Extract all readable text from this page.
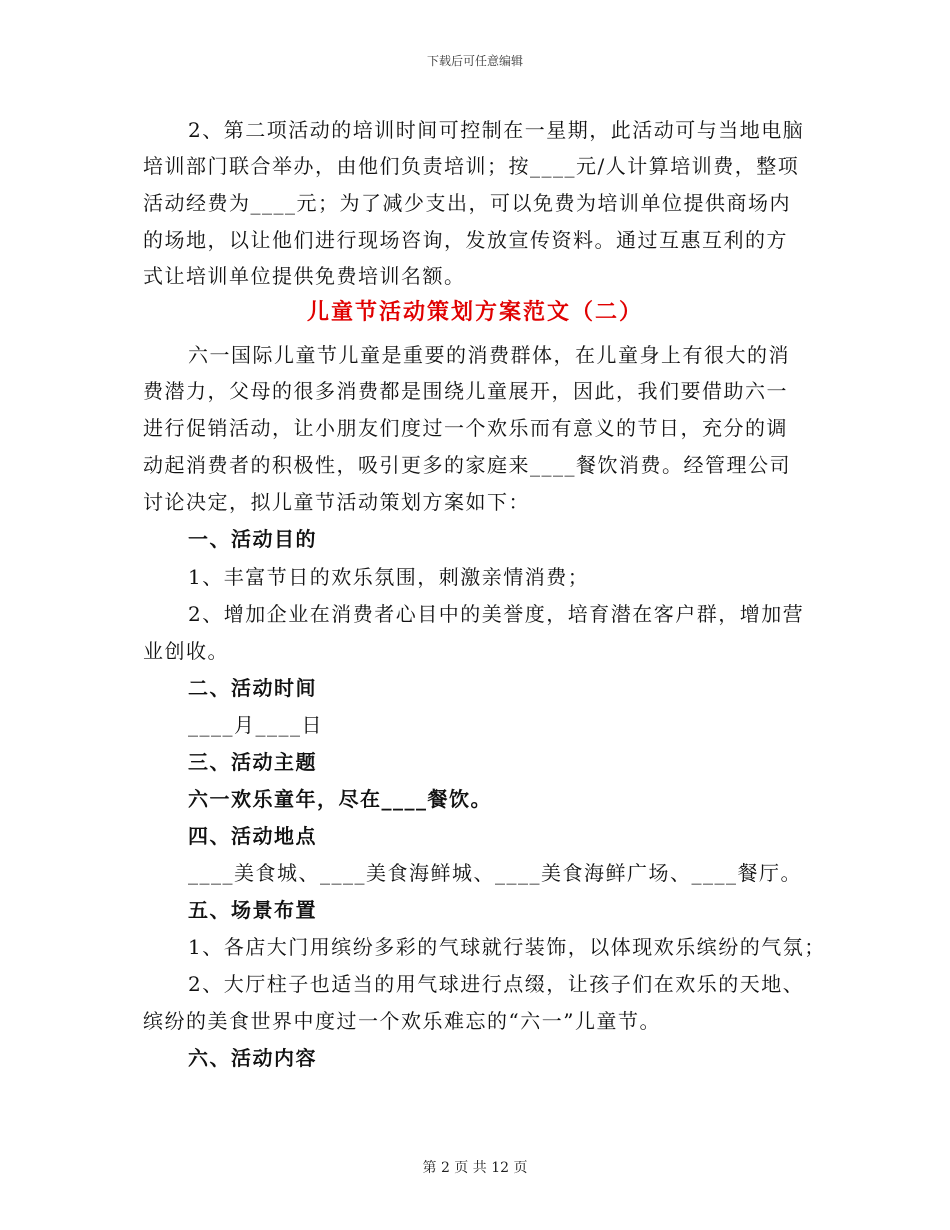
下载后可任意编辑
2、第二项活动的培训时间可控制在一星期，此活动可与当地电脑
培训部门联合举办，由他们负责培训；按____元/人计算培训费，整项
活动经费为____元；为了减少支出，可以免费为培训单位提供商场内
的场地，以让他们进行现场咨询，发放宣传资料。通过互惠互利的方
式让培训单位提供免费培训名额。
儿童节活动策划方案范文（二）
六一国际儿童节儿童是重要的消费群体，在儿童身上有很大的消
费潜力，父母的很多消费都是围绕儿童展开，因此，我们要借助六一
进行促销活动，让小朋友们度过一个欢乐而有意义的节日，充分的调
动起消费者的积极性，吸引更多的家庭来____餐饮消费。经管理公司
讨论决定，拟儿童节活动策划方案如下：
一、活动目的
1、丰富节日的欢乐氛围，刺激亲情消费；
2、增加企业在消费者心目中的美誉度，培育潜在客户群，增加营
业创收。
二、活动时间
____月____日
三、活动主题
六一欢乐童年，尽在____餐饮。
四、活动地点
____美食城、____美食海鲜城、____美食海鲜广场、____餐厅。
五、场景布置
1、各店大门用缤纷多彩的气球就行装饰，以体现欢乐缤纷的气氛；
2、大厅柱子也适当的用气球进行点缀，让孩子们在欢乐的天地、
缤纷的美食世界中度过一个欢乐难忘的“六一”儿童节。
六、活动内容
第 2 页 共 12 页
